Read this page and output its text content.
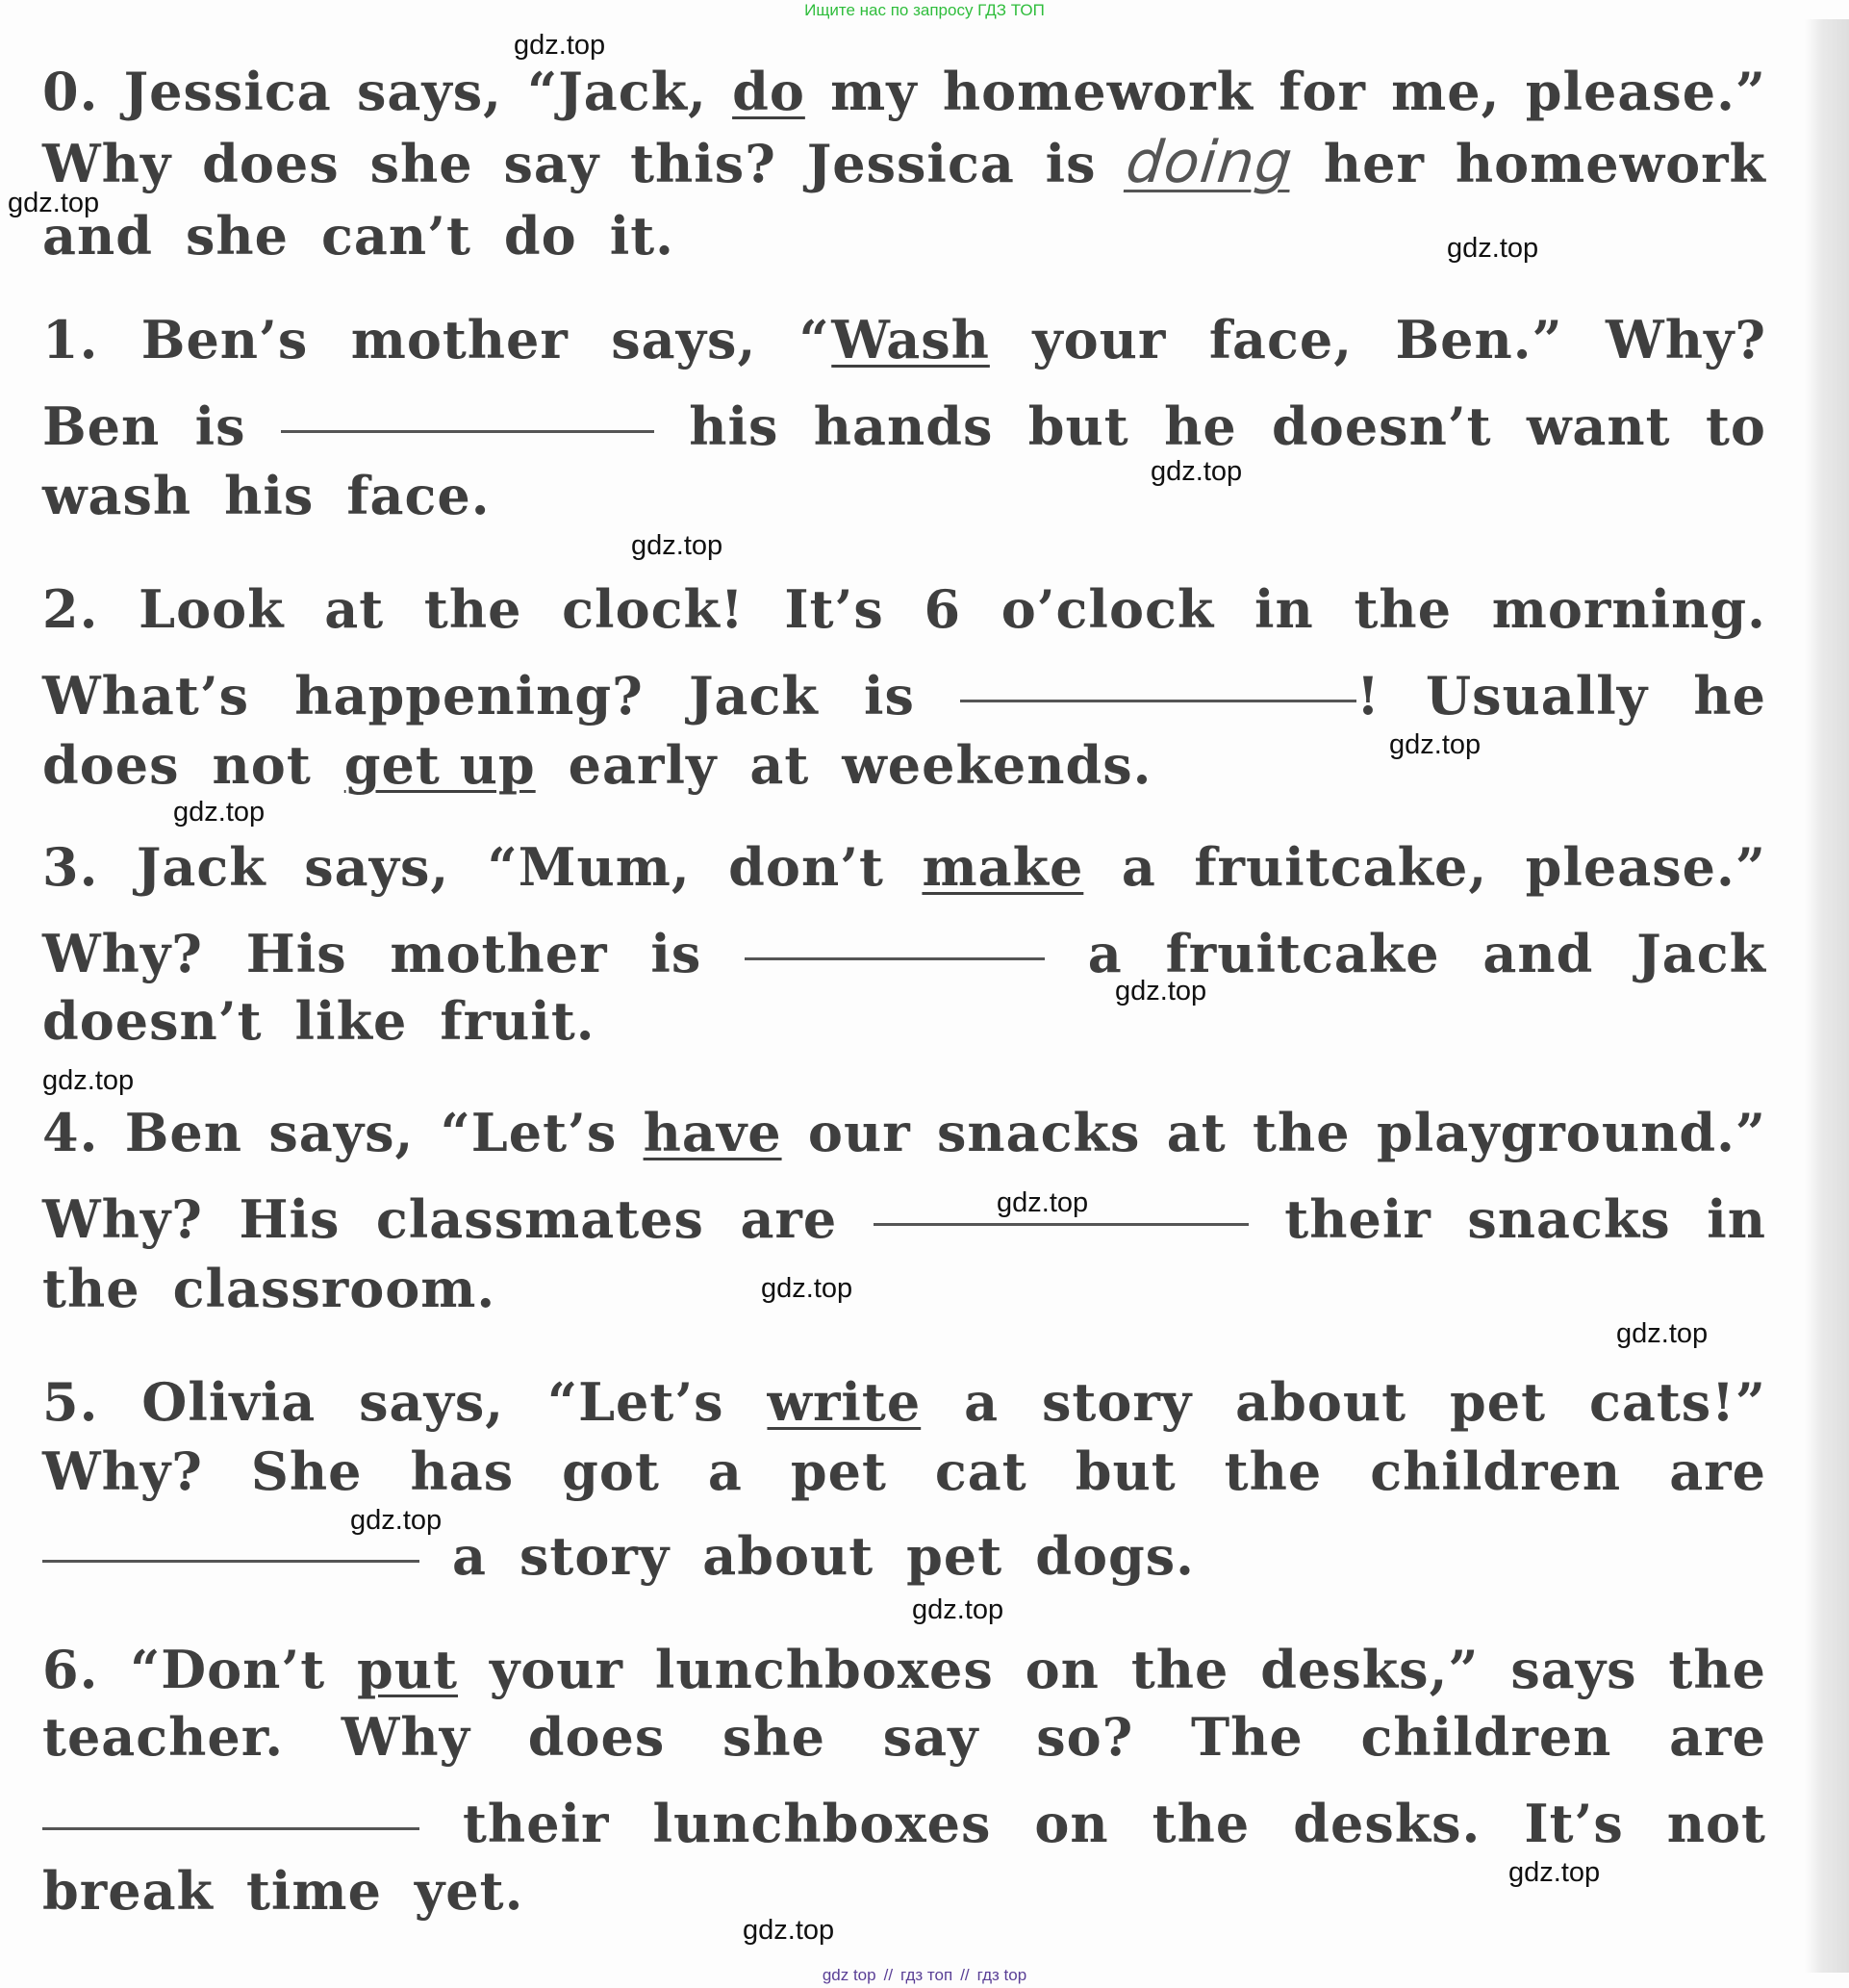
Ищите нас по запросу ГДЗ ТОП
0. Jessica says, “Jack, do my homework for me, please.”
Why does she say this? Jessica is doing her homework
and she can’t do it.
1. Ben’s mother says, “Wash your face, Ben.” Why?
Ben is	his hands but he doesn’t want to
wash his face.
2. Look at the clock! It’s 6 o’clock in the morning.
What’s happening? Jack is	! Usually he
does not get up early at weekends.
3. Jack says, “Mum, don’t make a fruitcake, please.”
Why? His mother is	a fruitcake and Jack
doesn’t like fruit.
4. Ben says, “Let’s have our snacks at the playground.”
Why? His classmates are	their snacks in
the classroom.
5. Olivia says, “Let’s write a story about pet cats!”
Why? She has got a pet cat but the children are
a story about pet dogs.
6. “Don’t put your lunchboxes on the desks,” says the
teacher. Why does she say so? The children are
their lunchboxes on the desks. It’s not
break time yet.
gdz.top
gdz.top
gdz.top
gdz.top
gdz.top
gdz.top
gdz.top
gdz.top
gdz.top
gdz.top
gdz.top
gdz.top
gdz.top
gdz.top
gdz.top
gdz.top
gdz top // гдз топ // гдз top
